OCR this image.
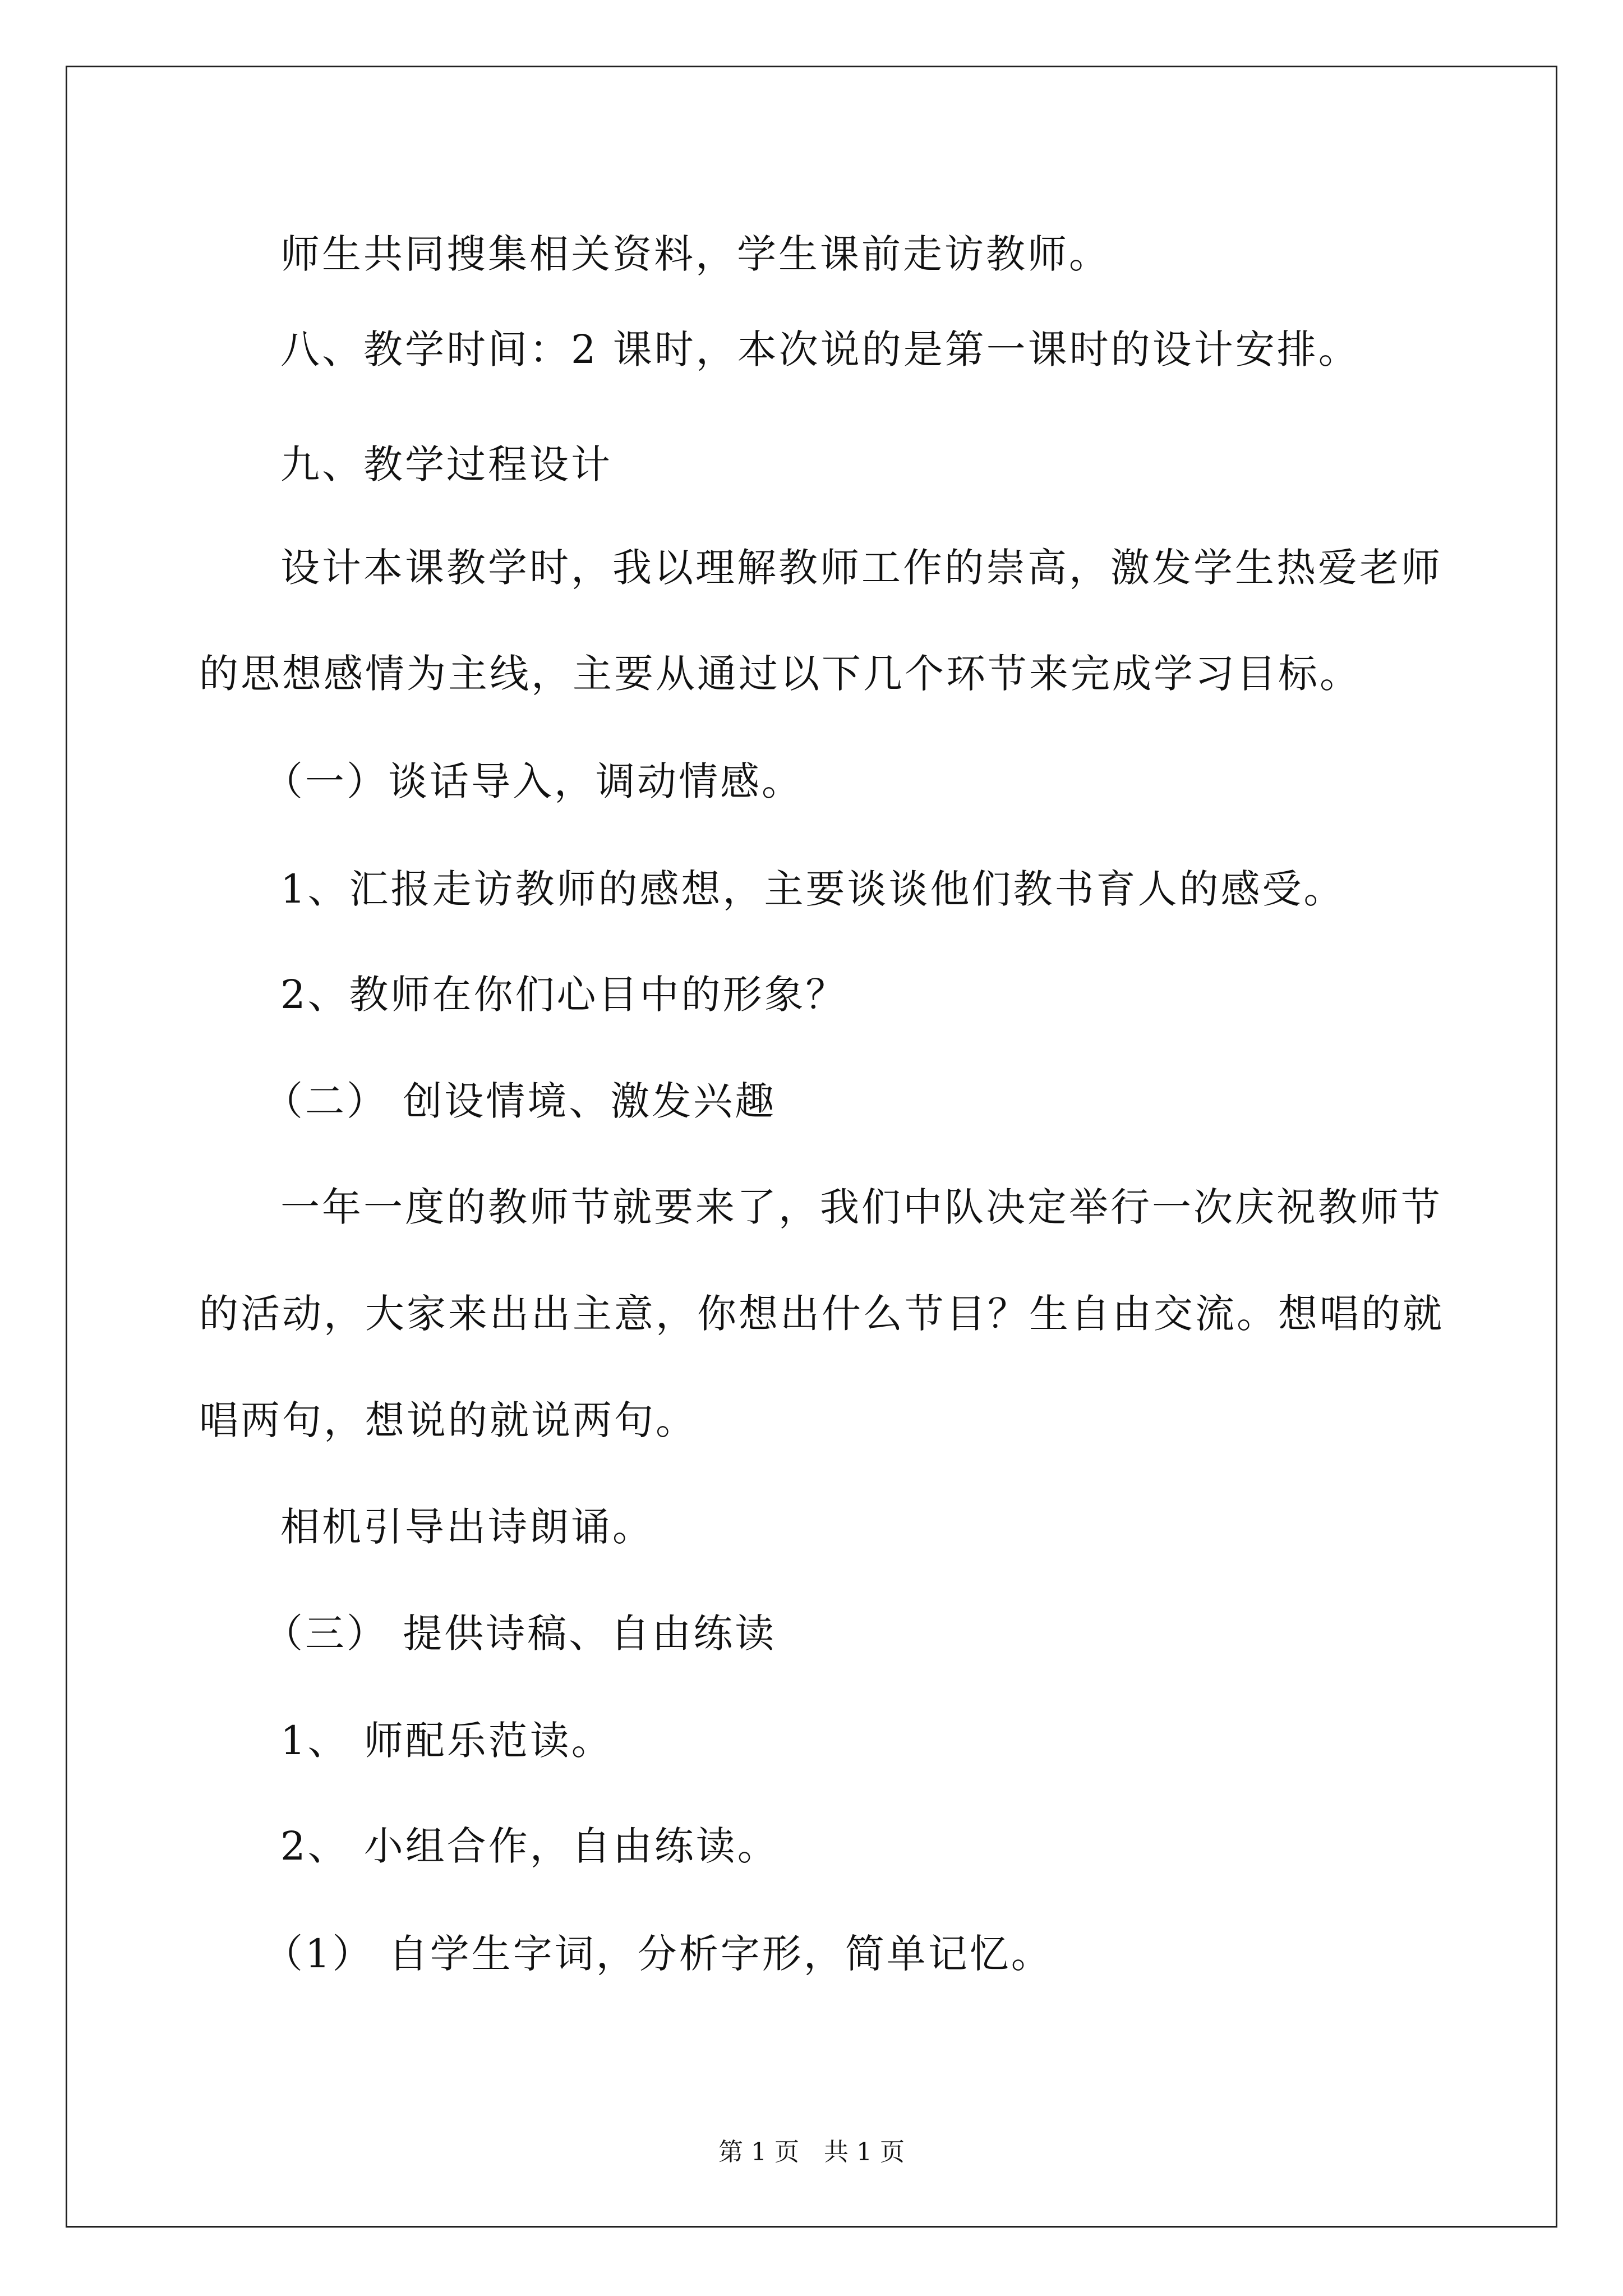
师生共同搜集相关资料，学生课前走访教师。
八、教学时间：2 课时，本次说的是第一课时的设计安排。
九、教学过程设计
设计本课教学时，我以理解教师工作的崇高，激发学生热爱老师
的思想感情为主线，主要从通过以下几个环节来完成学习目标。
（一）谈话导入，调动情感。
1、汇报走访教师的感想，主要谈谈他们教书育人的感受。
2、教师在你们心目中的形象？
（二） 创设情境、激发兴趣
一年一度的教师节就要来了，我们中队决定举行一次庆祝教师节
的活动，大家来出出主意，你想出什么节目？生自由交流。想唱的就
唱两句，想说的就说两句。
相机引导出诗朗诵。
（三） 提供诗稿、自由练读
1、 师配乐范读。
2、 小组合作，自由练读。
（1） 自学生字词，分析字形，简单记忆。
第 1 页　共 1 页
